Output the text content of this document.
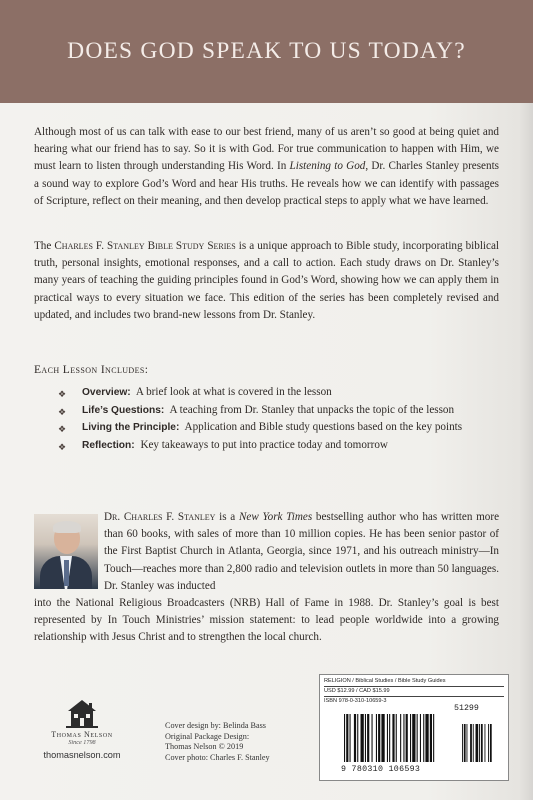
DOES GOD SPEAK TO US TODAY?
Although most of us can talk with ease to our best friend, many of us aren’t so good at being quiet and hearing what our friend has to say. So it is with God. For true communication to happen with Him, we must learn to listen through understanding His Word. In Listening to God, Dr. Charles Stanley presents a sound way to explore God’s Word and hear His truths. He reveals how we can identify with passages of Scripture, reflect on their meaning, and then develop practical steps to apply what we have learned.
The Charles F. Stanley Bible Study Series is a unique approach to Bible study, incorporating biblical truth, personal insights, emotional responses, and a call to action. Each study draws on Dr. Stanley’s many years of teaching the guiding principles found in God’s Word, showing how we can apply them in practical ways to every situation we face. This edition of the series has been completely revised and updated, and includes two brand-new lessons from Dr. Stanley.
Each Lesson Includes:
❖	Overview: A brief look at what is covered in the lesson
❖	Life’s Questions: A teaching from Dr. Stanley that unpacks the topic of the lesson
❖	Living the Principle: Application and Bible study questions based on the key points
❖	Reflection: Key takeaways to put into practice today and tomorrow
Dr. Charles F. Stanley is a New York Times bestselling author who has written more than 60 books, with sales of more than 10 million copies. He has been senior pastor of the First Baptist Church in Atlanta, Georgia, since 1971, and his outreach ministry—In Touch—reaches more than 2,800 radio and television outlets in more than 50 languages. Dr. Stanley was inducted
into the National Religious Broadcasters (NRB) Hall of Fame in 1988. Dr. Stanley’s goal is best represented by In Touch Ministries’ mission statement: to lead people worldwide into a growing relationship with Jesus Christ and to strengthen the local church.
Thomas Nelson
Since 1798
thomasnelson.com
Cover design by: Belinda Bass
Original Package Design:
Thomas Nelson © 2019
Cover photo: Charles F. Stanley
RELIGION / Biblical Studies / Bible Study Guides
USD $12.99 / CAD $15.99
ISBN 978-0-310-10659-3
51299
9 780310 106593
